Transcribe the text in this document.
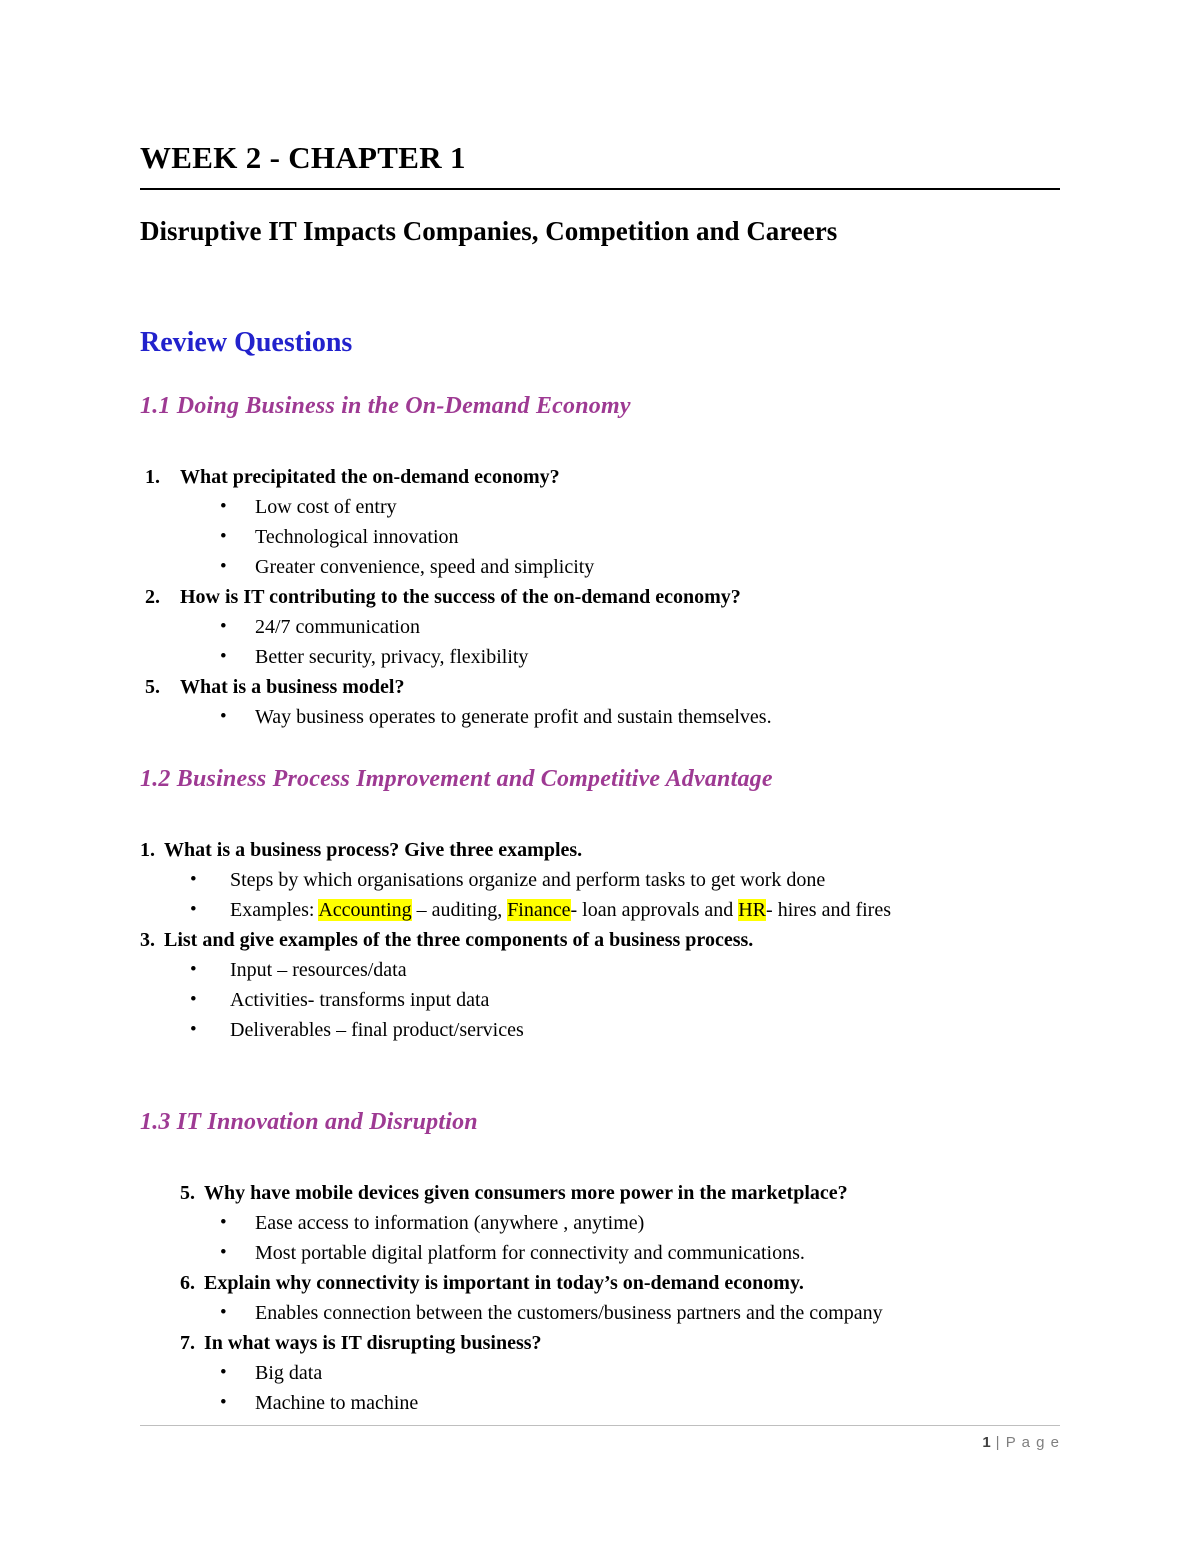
WEEK 2 - CHAPTER 1
Disruptive IT Impacts Companies, Competition and Careers
Review Questions
1.1 Doing Business in the On-Demand Economy
1. What precipitated the on-demand economy?
• Low cost of entry
• Technological innovation
• Greater convenience, speed and simplicity
2. How is IT contributing to the success of the on-demand economy?
• 24/7 communication
• Better security, privacy, flexibility
5. What is a business model?
• Way business operates to generate profit and sustain themselves.
1.2 Business Process Improvement and Competitive Advantage
1. What is a business process? Give three examples.
• Steps by which organisations organize and perform tasks to get work done
• Examples: Accounting – auditing, Finance- loan approvals and HR- hires and fires
3. List and give examples of the three components of a business process.
• Input – resources/data
• Activities- transforms input data
• Deliverables – final product/services
1.3 IT Innovation and Disruption
5. Why have mobile devices given consumers more power in the marketplace?
• Ease access to information (anywhere , anytime)
• Most portable digital platform for connectivity and communications.
6. Explain why connectivity is important in today’s on-demand economy.
• Enables connection between the customers/business partners and the company
7. In what ways is IT disrupting business?
• Big data
• Machine to machine
1 | P a g e
